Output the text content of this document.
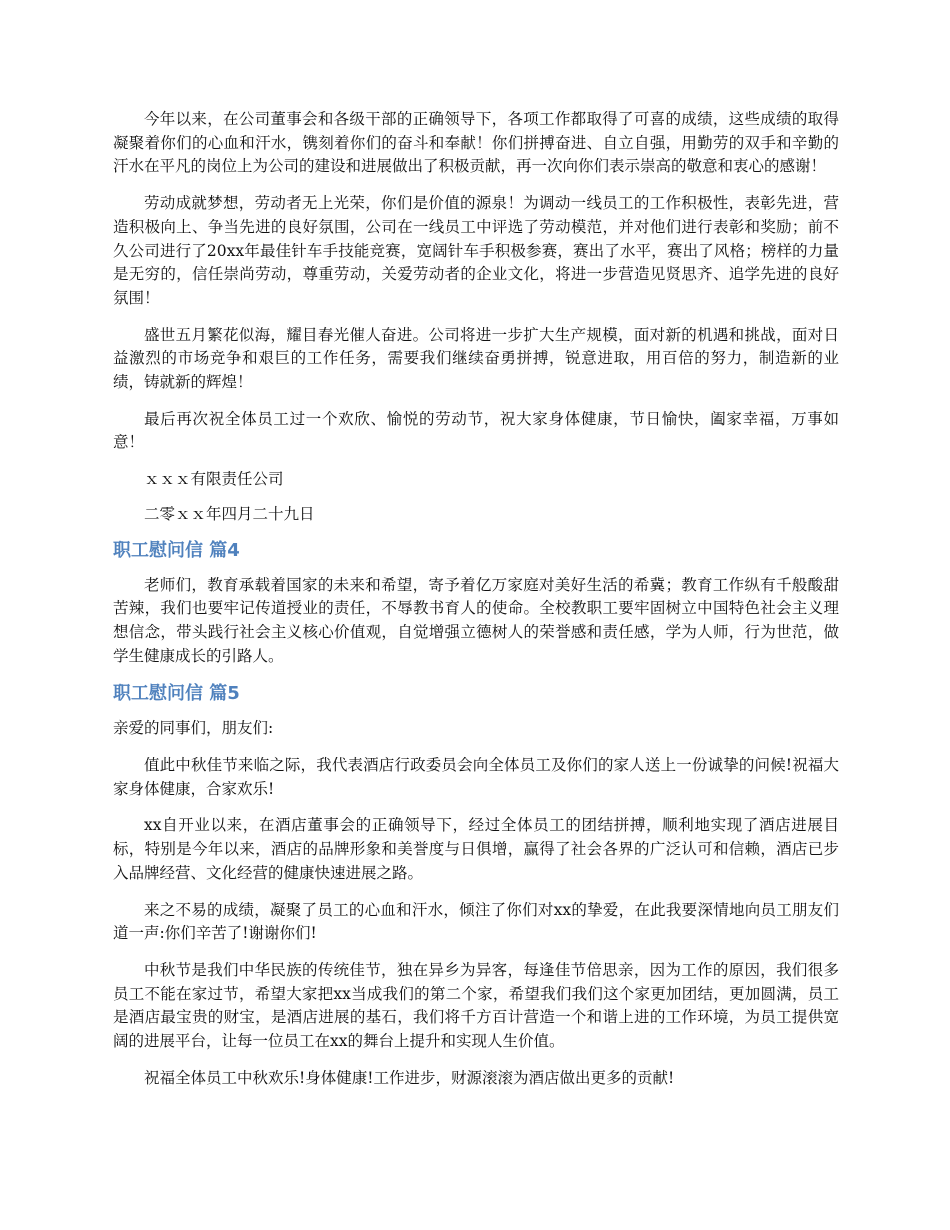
今年以来，在公司董事会和各级干部的正确领导下，各项工作都取得了可喜的成绩，这些成绩的取得凝聚着你们的心血和汗水，镌刻着你们的奋斗和奉献！你们拼搏奋进、自立自强，用勤劳的双手和辛勤的汗水在平凡的岗位上为公司的建设和进展做出了积极贡献，再一次向你们表示崇高的敬意和衷心的感谢！

劳动成就梦想，劳动者无上光荣，你们是价值的源泉！为调动一线员工的工作积极性，表彰先进，营造积极向上、争当先进的良好氛围，公司在一线员工中评选了劳动模范，并对他们进行表彰和奖励；前不久公司进行了20xx年最佳针车手技能竞赛，宽阔针车手积极参赛，赛出了水平，赛出了风格；榜样的力量是无穷的，信任崇尚劳动，尊重劳动，关爱劳动者的企业文化，将进一步营造见贤思齐、追学先进的良好氛围！

盛世五月繁花似海，耀目春光催人奋进。公司将进一步扩大生产规模，面对新的机遇和挑战，面对日益激烈的市场竞争和艰巨的工作任务，需要我们继续奋勇拼搏，锐意进取，用百倍的努力，制造新的业绩，铸就新的辉煌！

最后再次祝全体员工过一个欢欣、愉悦的劳动节，祝大家身体健康，节日愉快，阖家幸福，万事如意！

ｘｘｘ有限责任公司

二零ｘｘ年四月二十九日

职工慰问信 篇4

老师们，教育承载着国家的未来和希望，寄予着亿万家庭对美好生活的希冀；教育工作纵有千般酸甜苦辣，我们也要牢记传道授业的责任，不辱教书育人的使命。全校教职工要牢固树立中国特色社会主义理想信念，带头践行社会主义核心价值观，自觉增强立德树人的荣誉感和责任感，学为人师，行为世范，做学生健康成长的引路人。

职工慰问信 篇5

亲爱的同事们，朋友们:

值此中秋佳节来临之际，我代表酒店行政委员会向全体员工及你们的家人送上一份诚挚的问候!祝福大家身体健康，合家欢乐!

xx自开业以来，在酒店董事会的正确领导下，经过全体员工的团结拼搏，顺利地实现了酒店进展目标，特别是今年以来，酒店的品牌形象和美誉度与日俱增，赢得了社会各界的广泛认可和信赖，酒店已步入品牌经营、文化经营的健康快速进展之路。

来之不易的成绩，凝聚了员工的心血和汗水，倾注了你们对xx的挚爱，在此我要深情地向员工朋友们道一声:你们辛苦了!谢谢你们!

中秋节是我们中华民族的传统佳节，独在异乡为异客，每逢佳节倍思亲，因为工作的原因，我们很多员工不能在家过节，希望大家把xx当成我们的第二个家，希望我们我们这个家更加团结，更加圆满，员工是酒店最宝贵的财宝，是酒店进展的基石，我们将千方百计营造一个和谐上进的工作环境，为员工提供宽阔的进展平台，让每一位员工在xx的舞台上提升和实现人生价值。

祝福全体员工中秋欢乐!身体健康!工作进步，财源滚滚为酒店做出更多的贡献!
